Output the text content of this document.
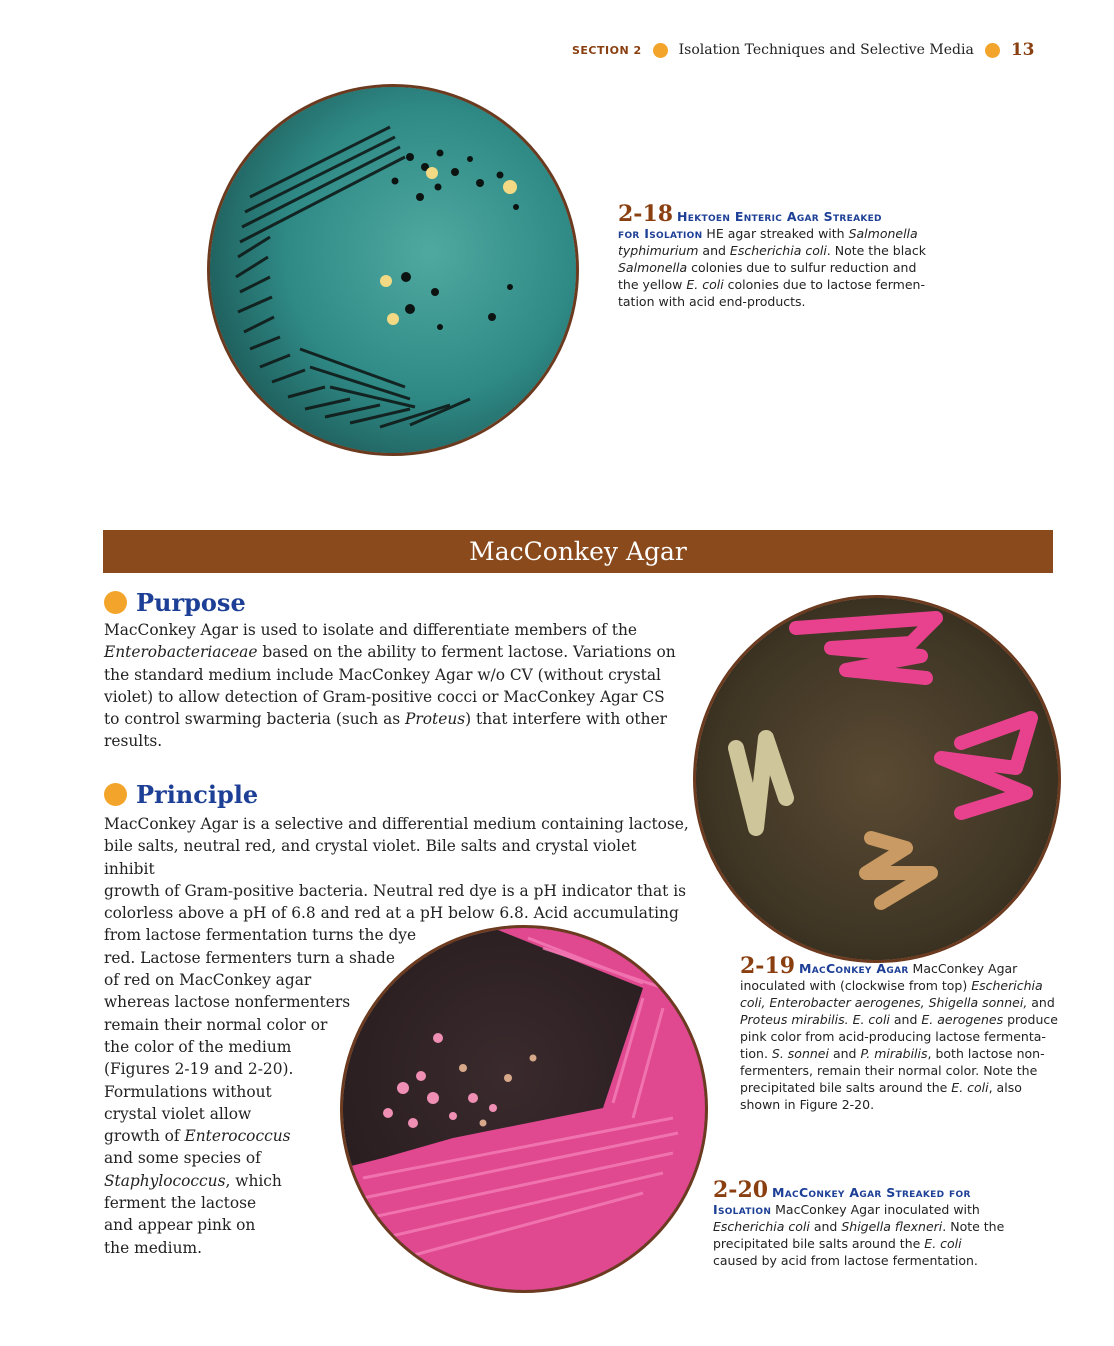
SECTION 2	Isolation Techniques and Selective Media 13
2-18 Hektoen Enteric Agar Streaked
for Isolation HE agar streaked with Salmonella
typhimurium and Escherichia coli. Note the black
Salmonella colonies due to sulfur reduction and
the yellow E. coli colonies due to lactose fermen-
tation with acid end-products.
MacConkey Agar
Purpose
MacConkey Agar is used to isolate and differentiate members of the
Enterobacteriaceae based on the ability to ferment lactose. Variations on
the standard medium include MacConkey Agar w/o CV (without crystal
violet) to allow detection of Gram-positive cocci or MacConkey Agar CS
to control swarming bacteria (such as Proteus) that interfere with other
results.
Principle
MacConkey Agar is a selective and differential medium containing lactose,
bile salts, neutral red, and crystal violet. Bile salts and crystal violet inhibit
growth of Gram-positive bacteria. Neutral red dye is a pH indicator that is
colorless above a pH of 6.8 and red at a pH below 6.8. Acid accumulating
from lactose fermentation turns the dye
red. Lactose fermenters turn a shade
of red on MacConkey agar
whereas lactose nonfermenters
remain their normal color or
the color of the medium
(Figures 2-19 and 2-20).
Formulations without
crystal violet allow
growth of Enterococcus
and some species of
Staphylococcus, which
ferment the lactose
and appear pink on
the medium.
2-19 MacConkey Agar MacConkey Agar
inoculated with (clockwise from top) Escherichia
coli, Enterobacter aerogenes, Shigella sonnei, and
Proteus mirabilis. E. coli and E. aerogenes produce
pink color from acid-producing lactose fermenta-
tion. S. sonnei and P. mirabilis, both lactose non-
fermenters, remain their normal color. Note the
precipitated bile salts around the E. coli, also
shown in Figure 2-20.
2-20 MacConkey Agar Streaked for
Isolation MacConkey Agar inoculated with
Escherichia coli and Shigella flexneri. Note the
precipitated bile salts around the E. coli
caused by acid from lactose fermentation.
